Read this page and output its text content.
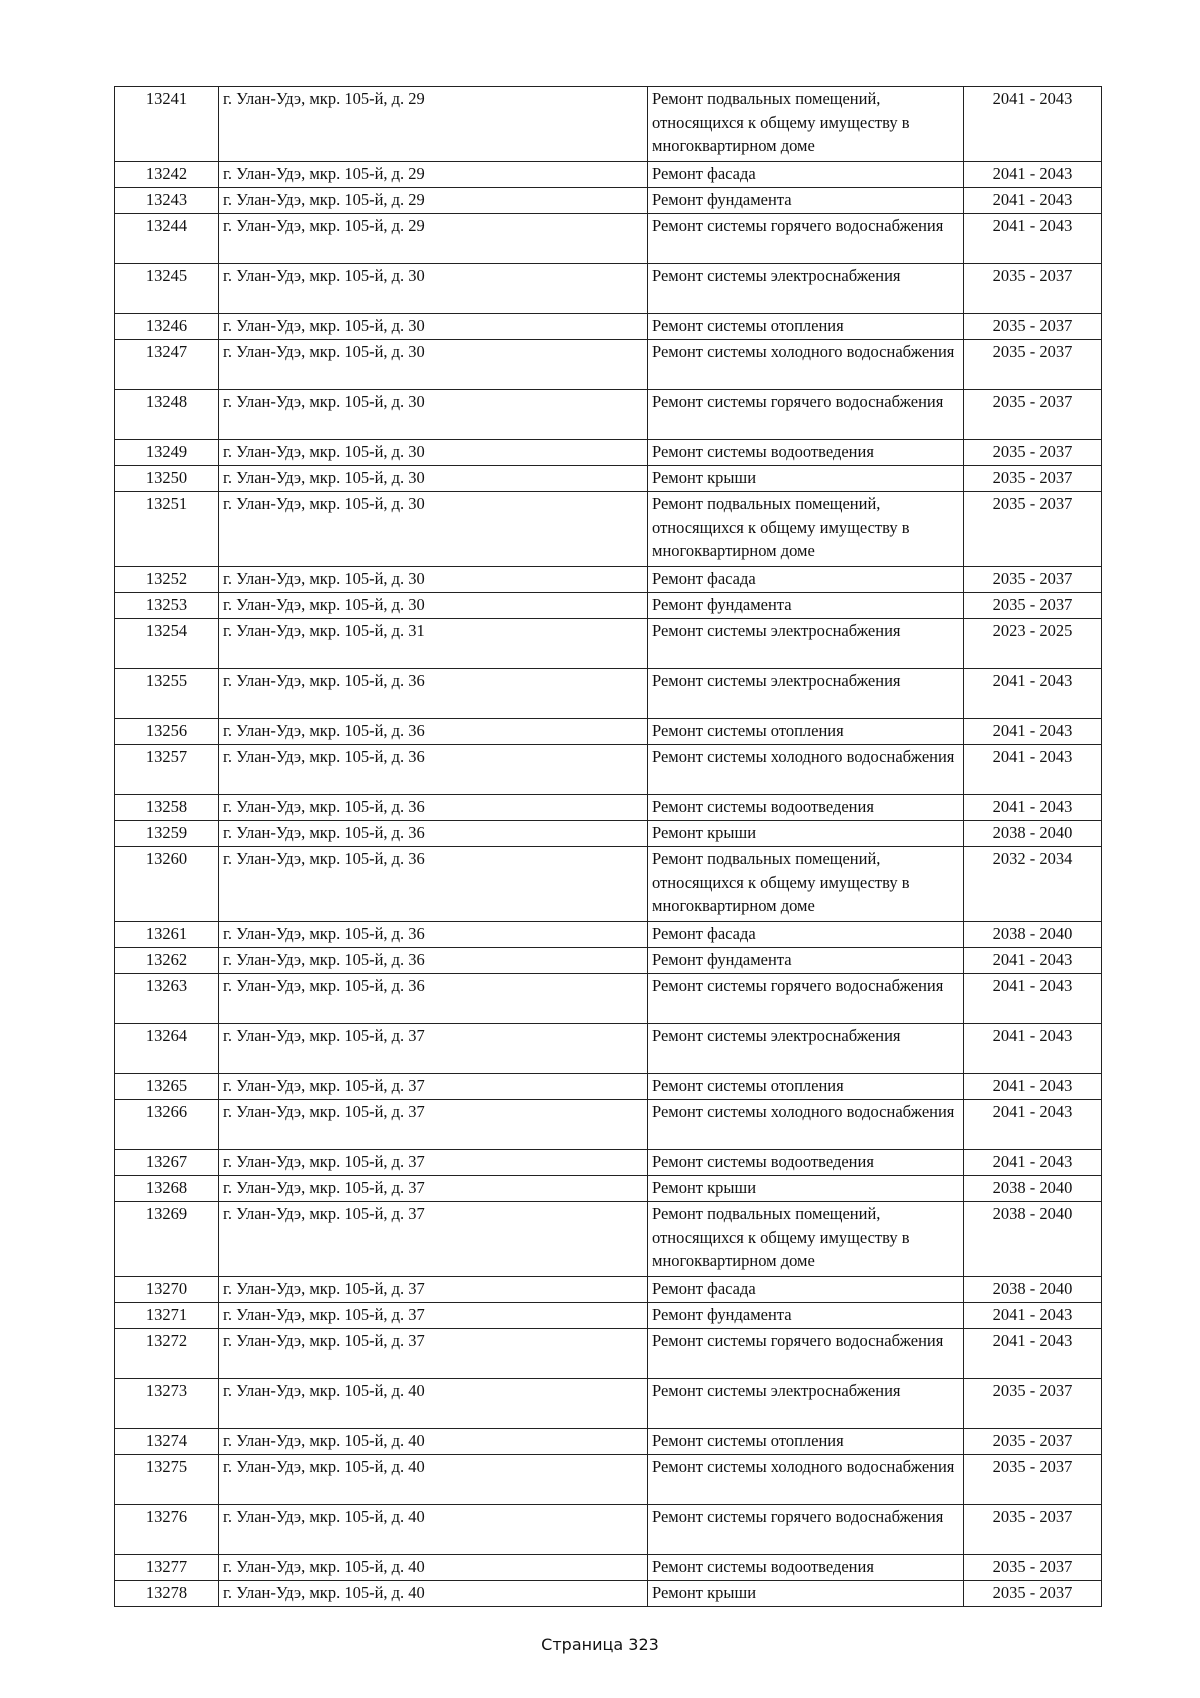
13241	г. Улан-Удэ, мкр. 105-й, д. 29	Ремонт подвальных помещений, относящихся к общему имуществу в многоквартирном доме	2041 - 2043
13242	г. Улан-Удэ, мкр. 105-й, д. 29	Ремонт фасада	2041 - 2043
13243	г. Улан-Удэ, мкр. 105-й, д. 29	Ремонт фундамента	2041 - 2043
13244	г. Улан-Удэ, мкр. 105-й, д. 29	Ремонт системы горячего водоснабжения	2041 - 2043
13245	г. Улан-Удэ, мкр. 105-й, д. 30	Ремонт системы электроснабжения	2035 - 2037
13246	г. Улан-Удэ, мкр. 105-й, д. 30	Ремонт системы отопления	2035 - 2037
13247	г. Улан-Удэ, мкр. 105-й, д. 30	Ремонт системы холодного водоснабжения	2035 - 2037
13248	г. Улан-Удэ, мкр. 105-й, д. 30	Ремонт системы горячего водоснабжения	2035 - 2037
13249	г. Улан-Удэ, мкр. 105-й, д. 30	Ремонт системы водоотведения	2035 - 2037
13250	г. Улан-Удэ, мкр. 105-й, д. 30	Ремонт крыши	2035 - 2037
13251	г. Улан-Удэ, мкр. 105-й, д. 30	Ремонт подвальных помещений, относящихся к общему имуществу в многоквартирном доме	2035 - 2037
13252	г. Улан-Удэ, мкр. 105-й, д. 30	Ремонт фасада	2035 - 2037
13253	г. Улан-Удэ, мкр. 105-й, д. 30	Ремонт фундамента	2035 - 2037
13254	г. Улан-Удэ, мкр. 105-й, д. 31	Ремонт системы электроснабжения	2023 - 2025
13255	г. Улан-Удэ, мкр. 105-й, д. 36	Ремонт системы электроснабжения	2041 - 2043
13256	г. Улан-Удэ, мкр. 105-й, д. 36	Ремонт системы отопления	2041 - 2043
13257	г. Улан-Удэ, мкр. 105-й, д. 36	Ремонт системы холодного водоснабжения	2041 - 2043
13258	г. Улан-Удэ, мкр. 105-й, д. 36	Ремонт системы водоотведения	2041 - 2043
13259	г. Улан-Удэ, мкр. 105-й, д. 36	Ремонт крыши	2038 - 2040
13260	г. Улан-Удэ, мкр. 105-й, д. 36	Ремонт подвальных помещений, относящихся к общему имуществу в многоквартирном доме	2032 - 2034
13261	г. Улан-Удэ, мкр. 105-й, д. 36	Ремонт фасада	2038 - 2040
13262	г. Улан-Удэ, мкр. 105-й, д. 36	Ремонт фундамента	2041 - 2043
13263	г. Улан-Удэ, мкр. 105-й, д. 36	Ремонт системы горячего водоснабжения	2041 - 2043
13264	г. Улан-Удэ, мкр. 105-й, д. 37	Ремонт системы электроснабжения	2041 - 2043
13265	г. Улан-Удэ, мкр. 105-й, д. 37	Ремонт системы отопления	2041 - 2043
13266	г. Улан-Удэ, мкр. 105-й, д. 37	Ремонт системы холодного водоснабжения	2041 - 2043
13267	г. Улан-Удэ, мкр. 105-й, д. 37	Ремонт системы водоотведения	2041 - 2043
13268	г. Улан-Удэ, мкр. 105-й, д. 37	Ремонт крыши	2038 - 2040
13269	г. Улан-Удэ, мкр. 105-й, д. 37	Ремонт подвальных помещений, относящихся к общему имуществу в многоквартирном доме	2038 - 2040
13270	г. Улан-Удэ, мкр. 105-й, д. 37	Ремонт фасада	2038 - 2040
13271	г. Улан-Удэ, мкр. 105-й, д. 37	Ремонт фундамента	2041 - 2043
13272	г. Улан-Удэ, мкр. 105-й, д. 37	Ремонт системы горячего водоснабжения	2041 - 2043
13273	г. Улан-Удэ, мкр. 105-й, д. 40	Ремонт системы электроснабжения	2035 - 2037
13274	г. Улан-Удэ, мкр. 105-й, д. 40	Ремонт системы отопления	2035 - 2037
13275	г. Улан-Удэ, мкр. 105-й, д. 40	Ремонт системы холодного водоснабжения	2035 - 2037
13276	г. Улан-Удэ, мкр. 105-й, д. 40	Ремонт системы горячего водоснабжения	2035 - 2037
13277	г. Улан-Удэ, мкр. 105-й, д. 40	Ремонт системы водоотведения	2035 - 2037
13278	г. Улан-Удэ, мкр. 105-й, д. 40	Ремонт крыши	2035 - 2037
Страница 323
